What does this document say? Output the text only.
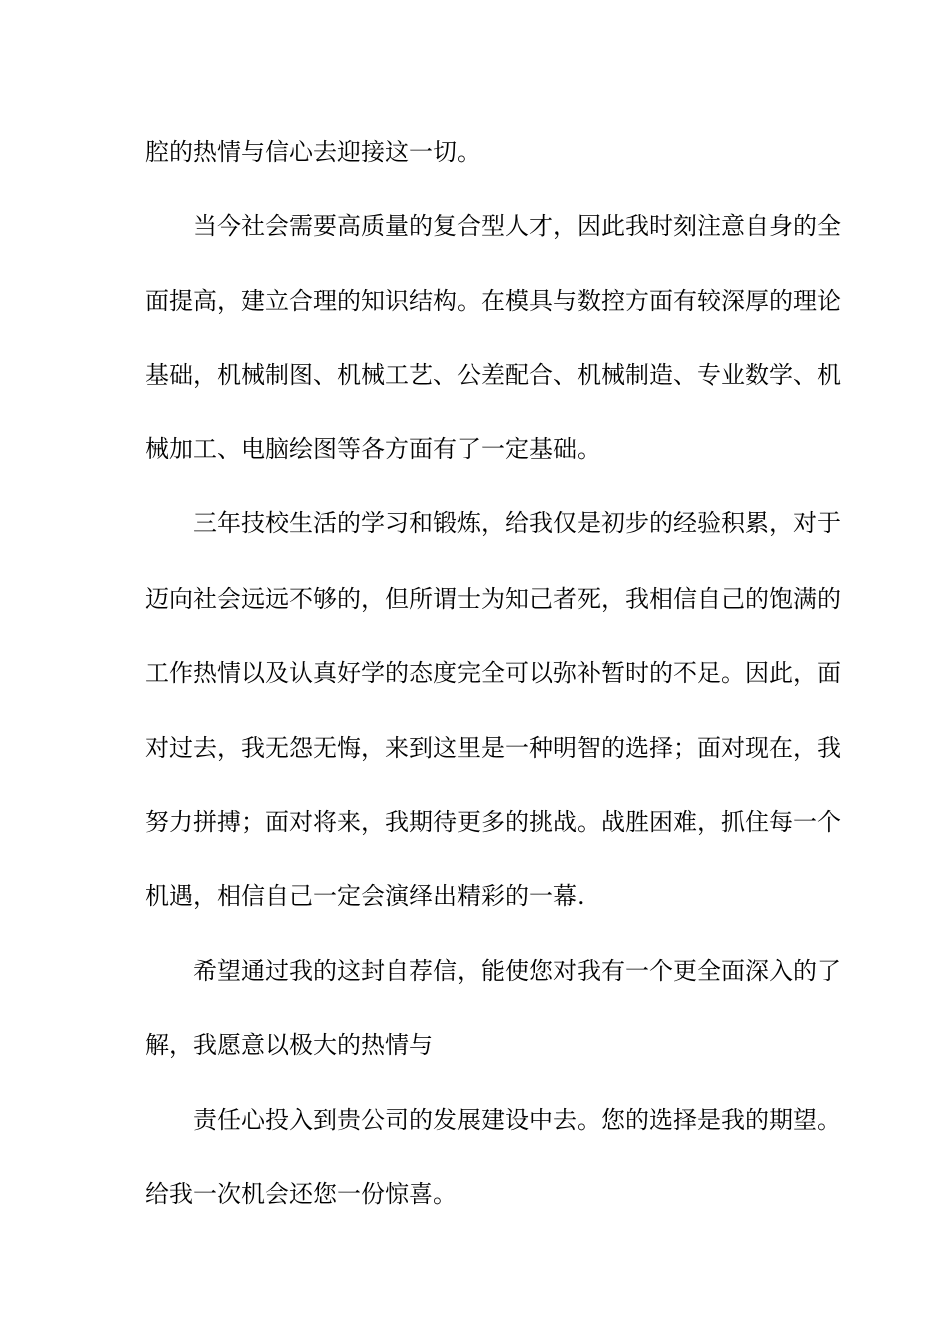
腔的热情与信心去迎接这一切。
当今社会需要高质量的复合型人才，因此我时刻注意自身的全
面提高，建立合理的知识结构。在模具与数控方面有较深厚的理论
基础，机械制图、机械工艺、公差配合、机械制造、专业数学、机
械加工、电脑绘图等各方面有了一定基础。
三年技校生活的学习和锻炼，给我仅是初步的经验积累，对于
迈向社会远远不够的，但所谓士为知己者死，我相信自己的饱满的
工作热情以及认真好学的态度完全可以弥补暂时的不足。因此，面
对过去，我无怨无悔，来到这里是一种明智的选择；面对现在，我
努力拼搏；面对将来，我期待更多的挑战。战胜困难，抓住每一个
机遇，相信自己一定会演绎出精彩的一幕.
希望通过我的这封自荐信，能使您对我有一个更全面深入的了
解，我愿意以极大的热情与
责任心投入到贵公司的发展建设中去。您的选择是我的期望。
给我一次机会还您一份惊喜。
